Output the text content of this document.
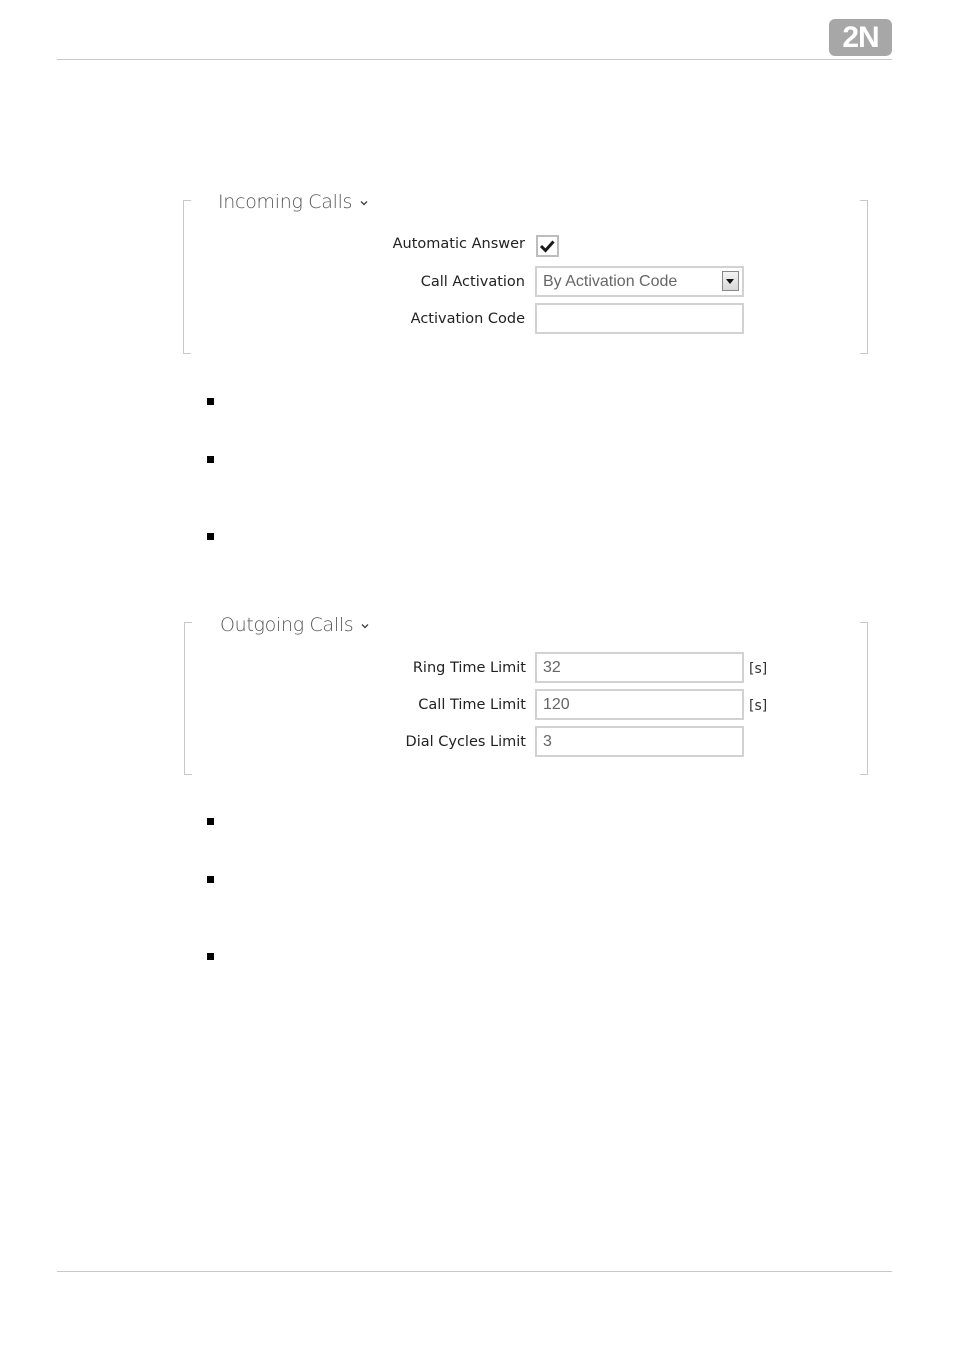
2N
Incoming Calls
Automatic Answer
Call Activation	By Activation Code
Activation Code
Outgoing Calls
Ring Time Limit	32	[s]
Call Time Limit	120	[s]
Dial Cycles Limit	3
